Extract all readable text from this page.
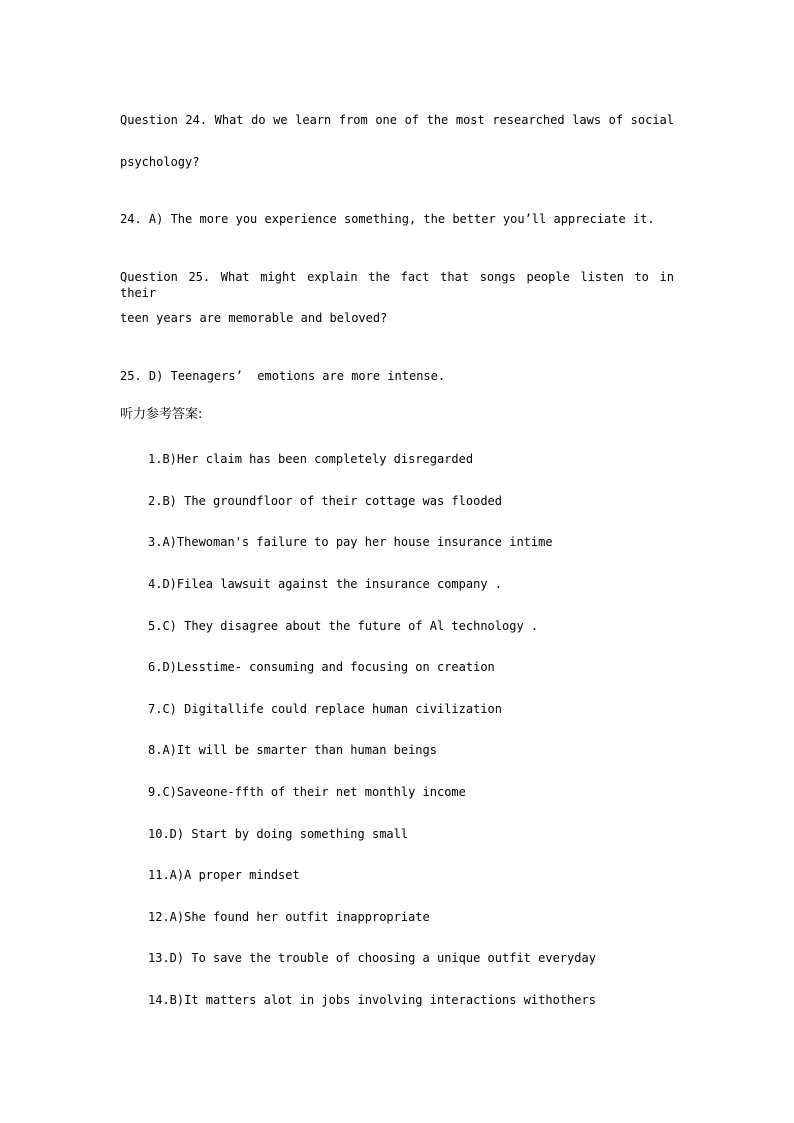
Question 24. What do we learn from one of the most researched laws of social
psychology?
24. A) The more you experience something, the better you’ll appreciate it.
Question 25. What might explain the fact that songs people listen to in their
teen years are memorable and beloved?
25. D) Teenagers’  emotions are more intense.
听力参考答案:
1.B)Her claim has been completely disregarded
2.B) The groundfloor of their cottage was flooded
3.A)Thewoman's failure to pay her house insurance intime
4.D)Filea lawsuit against the insurance company .
5.C) They disagree about the future of Al technology .
6.D)Lesstime- consuming and focusing on creation
7.C) Digitallife could replace human civilization
8.A)It will be smarter than human beings
9.C)Saveone-ffth of their net monthly income
10.D) Start by doing something small
11.A)A proper mindset
12.A)She found her outfit inappropriate
13.D) To save the trouble of choosing a unique outfit everyday
14.B)It matters alot in jobs involving interactions withothers
